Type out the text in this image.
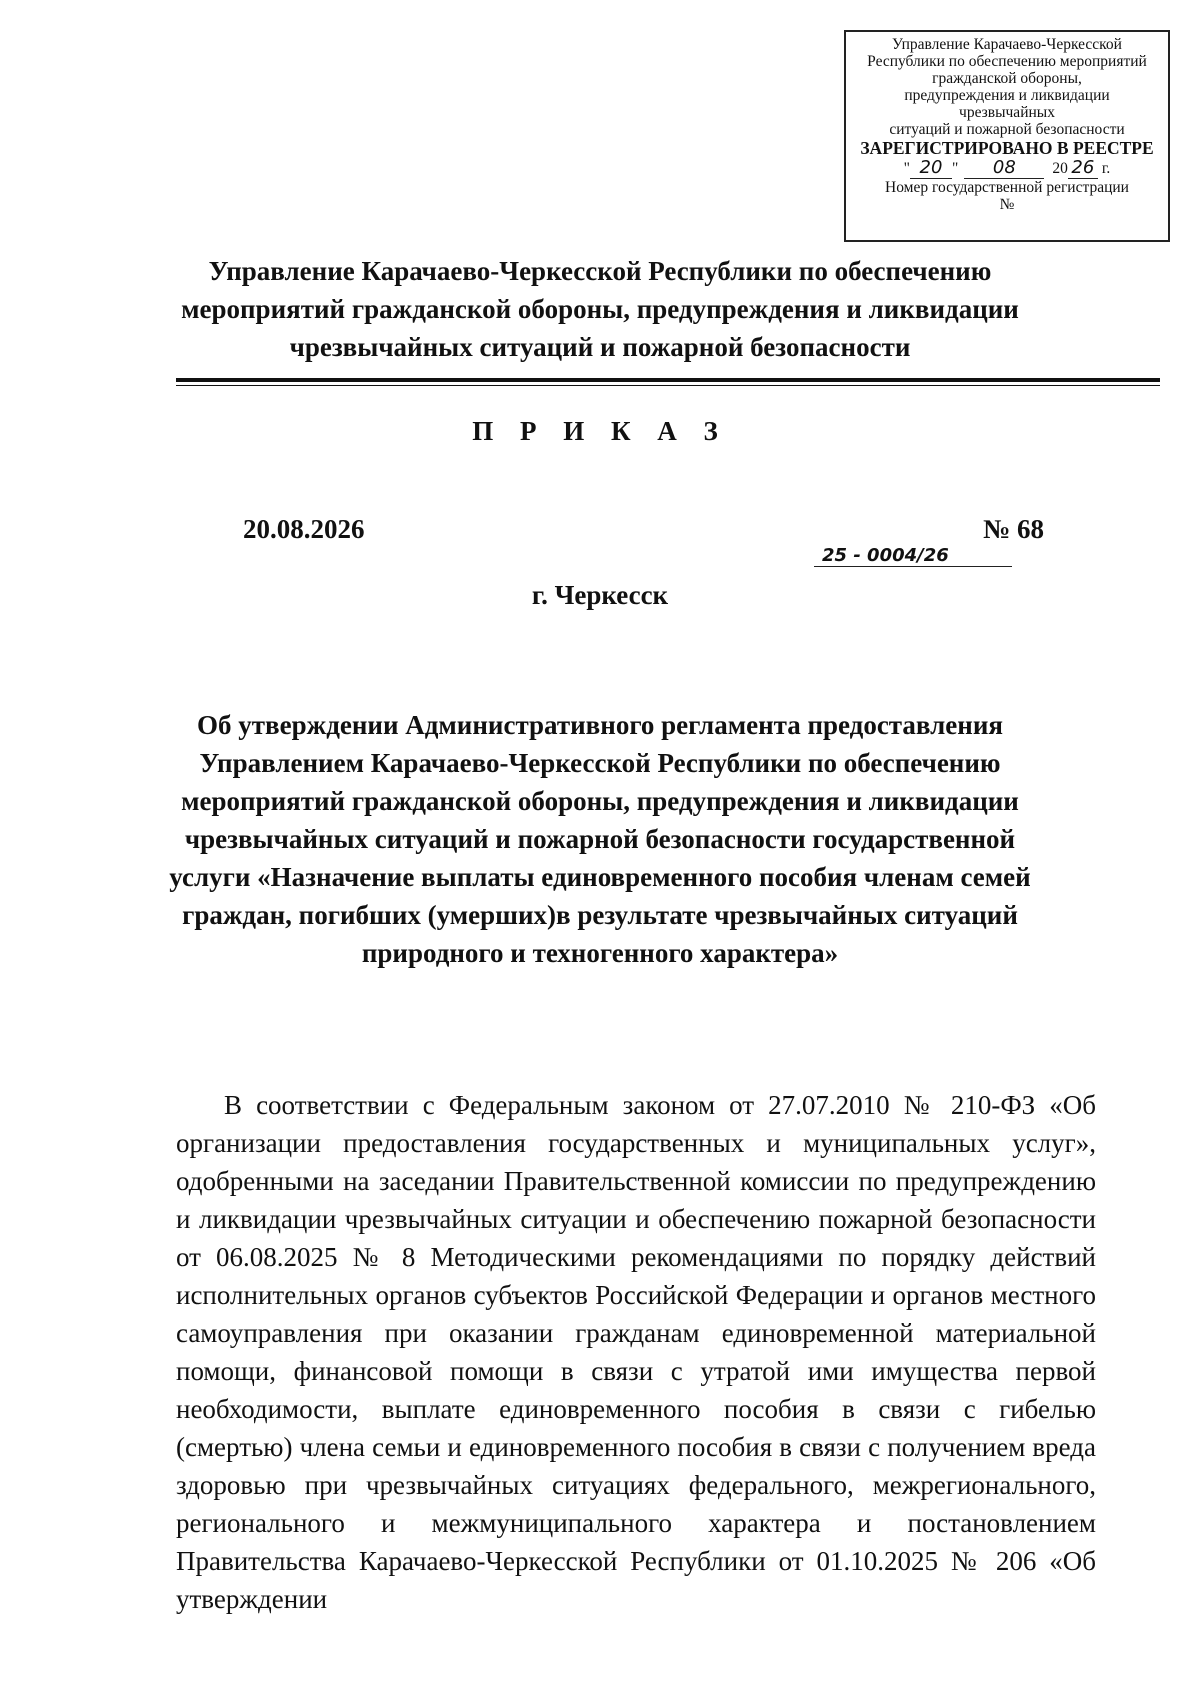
Управление Карачаево-Черкесской
Республики по обеспечению мероприятий
гражданской обороны,
предупреждения и ликвидации
чрезвычайных
ситуаций и пожарной безопасности
ЗАРЕГИСТРИРОВАНО В РЕЕСТРЕ
" 20 " 08 20 26 г.
Номер государственной регистрации
№
25 - 0004/26
Управление Карачаево-Черкесской Республики по обеспечению
мероприятий гражданской обороны, предупреждения и ликвидации
чрезвычайных ситуаций и пожарной безопасности
П Р И К А З
20.08.2026	№ 68
г. Черкесск
Об утверждении Административного регламента предоставления
Управлением Карачаево-Черкесской Республики по обеспечению
мероприятий гражданской обороны, предупреждения и ликвидации
чрезвычайных ситуаций и пожарной безопасности государственной
услуги «Назначение выплаты единовременного пособия членам семей
граждан, погибших (умерших)в результате чрезвычайных ситуаций
природного и техногенного характера»

В соответствии с Федеральным законом от 27.07.2010 № 210-ФЗ «Об организации предоставления государственных и муниципальных услуг», одобренными на заседании Правительственной комиссии по предупреждению и ликвидации чрезвычайных ситуации и обеспечению пожарной безопасности от 06.08.2025 № 8 Методическими рекомендациями по порядку действий исполнительных органов субъектов Российской Федерации и органов местного самоуправления при оказании гражданам единовременной материальной помощи, финансовой помощи в связи с утратой ими имущества первой необходимости, выплате единовременного пособия в связи с гибелью (смертью) члена семьи и единовременного пособия в связи с получением вреда здоровью при чрезвычайных ситуациях федерального, межрегионального, регионального и межмуниципального характера и постановлением Правительства Карачаево-Черкесской Республики от 01.10.2025 № 206 «Об утверждении
